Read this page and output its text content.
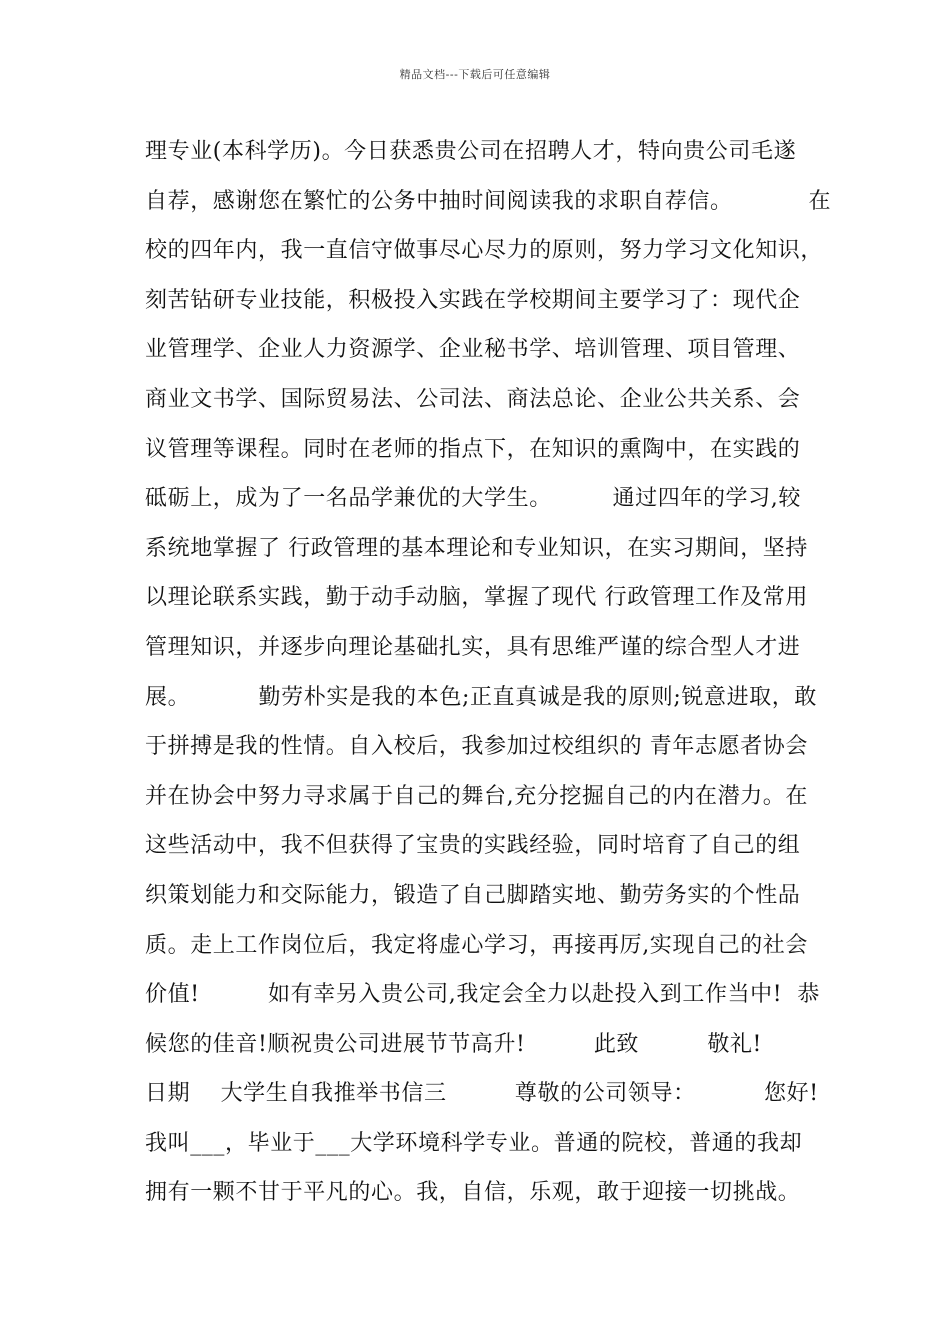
精品文档---下载后可任意编辑
理专业(本科学历)。今日获悉贵公司在招聘人才，特向贵公司毛遂
自荐，感谢您在繁忙的公务中抽时间阅读我的求职自荐信。          在
校的四年内，我一直信守做事尽心尽力的原则，努力学习文化知识，
刻苦钻研专业技能，积极投入实践在学校期间主要学习了：现代企
业管理学、企业人力资源学、企业秘书学、培训管理、项目管理、
商业文书学、国际贸易法、公司法、商法总论、企业公共关系、会
议管理等课程。同时在老师的指点下，在知识的熏陶中，在实践的
砥砺上，成为了一名品学兼优的大学生。        通过四年的学习,较
系统地掌握了 行政管理的基本理论和专业知识，在实习期间，坚持
以理论联系实践，勤于动手动脑，掌握了现代 行政管理工作及常用
管理知识，并逐步向理论基础扎实，具有思维严谨的综合型人才进
展。         勤劳朴实是我的本色;正直真诚是我的原则;锐意进取，敢
于拼搏是我的性情。自入校后，我参加过校组织的 青年志愿者协会
并在协会中努力寻求属于自己的舞台,充分挖掘自己的内在潜力。在
这些活动中，我不但获得了宝贵的实践经验，同时培育了自己的组
织策划能力和交际能力，锻造了自己脚踏实地、勤劳务实的个性品
质。走上工作岗位后，我定将虚心学习，再接再厉,实现自己的社会
价值!         如有幸另入贵公司,我定会全力以赴投入到工作当中!  恭
候您的佳音!顺祝贵公司进展节节高升!         此致         敬礼!
日期    大学生自我推举书信三         尊敬的公司领导：         您好!
我叫___，毕业于___大学环境科学专业。普通的院校，普通的我却
拥有一颗不甘于平凡的心。我，自信，乐观，敢于迎接一切挑战。
